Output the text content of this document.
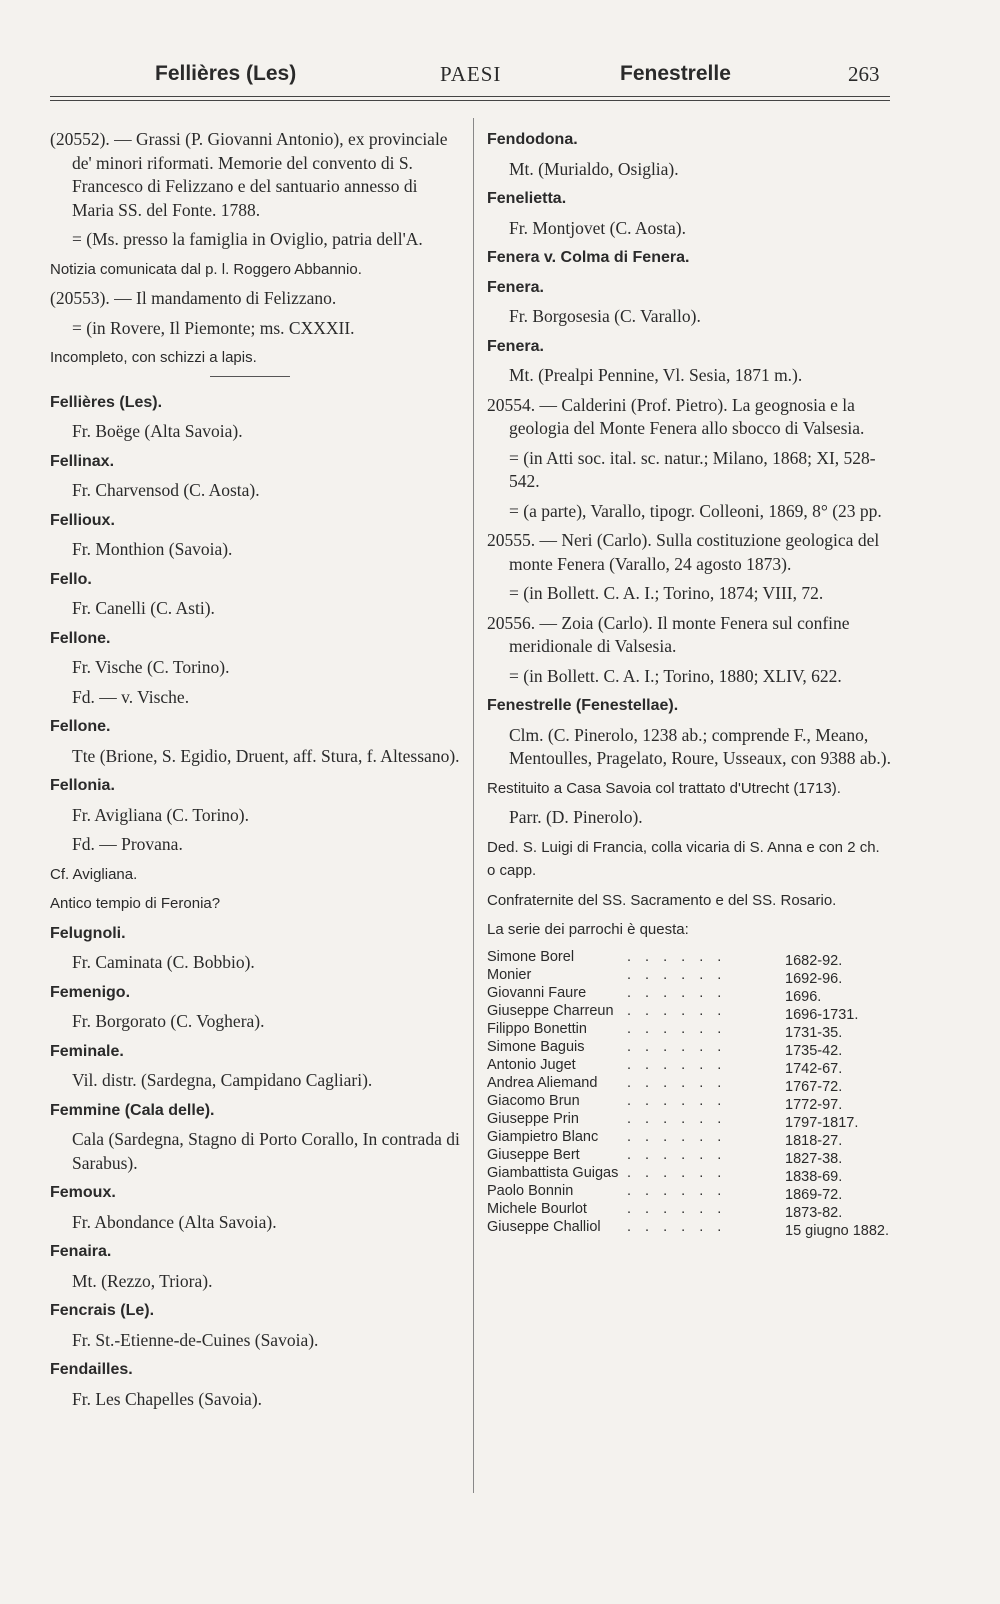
Fellières (Les)	PAESI	Fenestrelle	263
(20552). — Grassi (P. Giovanni Antonio), ex provinciale de' minori riformati. Memorie del convento di S. Francesco di Felizzano e del santuario annesso di Maria SS. del Fonte. 1788.
= (Ms. presso la famiglia in Oviglio, patria dell'A.
Notizia comunicata dal p. l. Roggero Abbannio.
(20553). — Il mandamento di Felizzano.
= (in Rovere, Il Piemonte; ms. CXXXII.
Incompleto, con schizzi a lapis.
Fellières (Les).
Fr. Boëge (Alta Savoia).
Fellinax.
Fr. Charvensod (C. Aosta).
Fellioux.
Fr. Monthion (Savoia).
Fello.
Fr. Canelli (C. Asti).
Fellone.
Fr. Vische (C. Torino).
Fd. — v. Vische.
Fellone.
Tte (Brione, S. Egidio, Druent, aff. Stura, f. Altessano).
Fellonia.
Fr. Avigliana (C. Torino).
Fd. — Provana.
Cf. Avigliana.
Antico tempio di Feronia?
Felugnoli.
Fr. Caminata (C. Bobbio).
Femenigo.
Fr. Borgorato (C. Voghera).
Feminale.
Vil. distr. (Sardegna, Campidano Cagliari).
Femmine (Cala delle).
Cala (Sardegna, Stagno di Porto Corallo, In contrada di Sarabus).
Femoux.
Fr. Abondance (Alta Savoia).
Fenaira.
Mt. (Rezzo, Triora).
Fencrais (Le).
Fr. St.-Etienne-de-Cuines (Savoia).
Fendailles.
Fr. Les Chapelles (Savoia).
Fendodona.
Mt. (Murialdo, Osiglia).
Fenelietta.
Fr. Montjovet (C. Aosta).
Fenera v. Colma di Fenera.
Fenera.
Fr. Borgosesia (C. Varallo).
Fenera.
Mt. (Prealpi Pennine, Vl. Sesia, 1871 m.).
20554. — Calderini (Prof. Pietro). La geognosia e la geologia del Monte Fenera allo sbocco di Valsesia.
= (in Atti soc. ital. sc. natur.; Milano, 1868; XI, 528-542.
= (a parte), Varallo, tipogr. Colleoni, 1869, 8° (23 pp.
20555. — Neri (Carlo). Sulla costituzione geologica del monte Fenera (Varallo, 24 agosto 1873).
= (in Bollett. C. A. I.; Torino, 1874; VIII, 72.
20556. — Zoia (Carlo). Il monte Fenera sul confine meridionale di Valsesia.
= (in Bollett. C. A. I.; Torino, 1880; XLIV, 622.
Fenestrelle (Fenestellae).
Clm. (C. Pinerolo, 1238 ab.; comprende F., Meano, Mentoulles, Pragelato, Roure, Usseaux, con 9388 ab.).
Restituito a Casa Savoia col trattato d'Utrecht (1713).
Parr. (D. Pinerolo).
Ded. S. Luigi di Francia, colla vicaria di S. Anna e con 2 ch. o capp.
Confraternite del SS. Sacramento e del SS. Rosario.
La serie dei parrochi è questa:
Simone Borel	. . . . . .	1682-92.
Monier	. . . . . .	1692-96.
Giovanni Faure	. . . . . .	1696.
Giuseppe Charreun . . . . . .	1696-1731.
Filippo Bonettin	. . . . . .	1731-35.
Simone Baguis	. . . . . .	1735-42.
Antonio Juget	. . . . . .	1742-67.
Andrea Aliemand . . . . . .	1767-72.
Giacomo Brun	. . . . . .	1772-97.
Giuseppe Prin	. . . . . .	1797-1817.
Giampietro Blanc . . . . . .	1818-27.
Giuseppe Bert	. . . . . .	1827-38.
Giambattista Guigas . . . . . .	1838-69.
Paolo Bonnin	. . . . . .	1869-72.
Michele Bourlot	. . . . . .	1873-82.
Giuseppe Challiol . . . . . .	15 giugno 1882.
